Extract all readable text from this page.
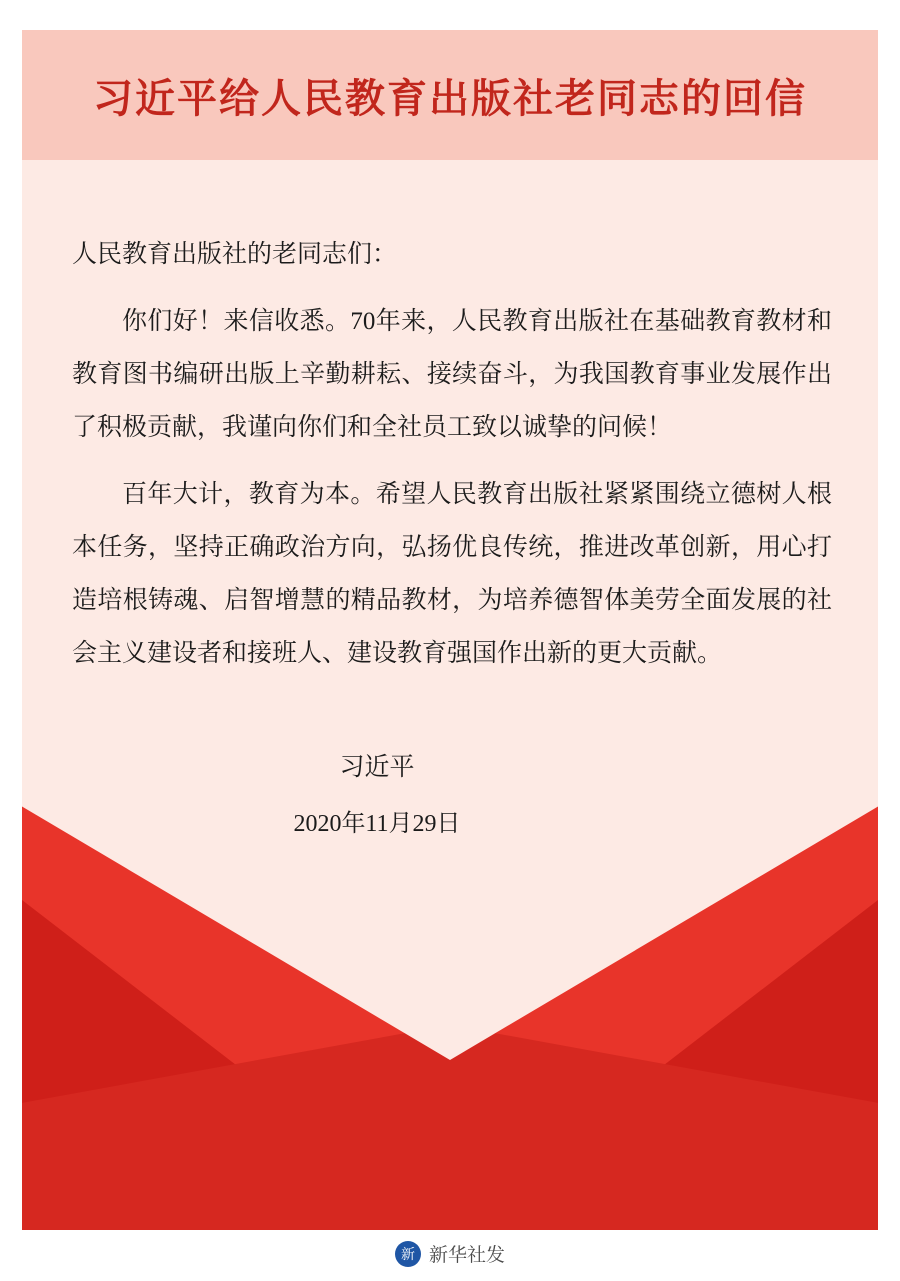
习近平给人民教育出版社老同志的回信

人民教育出版社的老同志们：

你们好！来信收悉。70年来，人民教育出版社在基础教育教材和教育图书编研出版上辛勤耕耘、接续奋斗，为我国教育事业发展作出了积极贡献，我谨向你们和全社员工致以诚挚的问候！

百年大计，教育为本。希望人民教育出版社紧紧围绕立德树人根本任务，坚持正确政治方向，弘扬优良传统，推进改革创新，用心打造培根铸魂、启智增慧的精品教材，为培养德智体美劳全面发展的社会主义建设者和接班人、建设教育强国作出新的更大贡献。

习近平
2020年11月29日
新 新华社发
